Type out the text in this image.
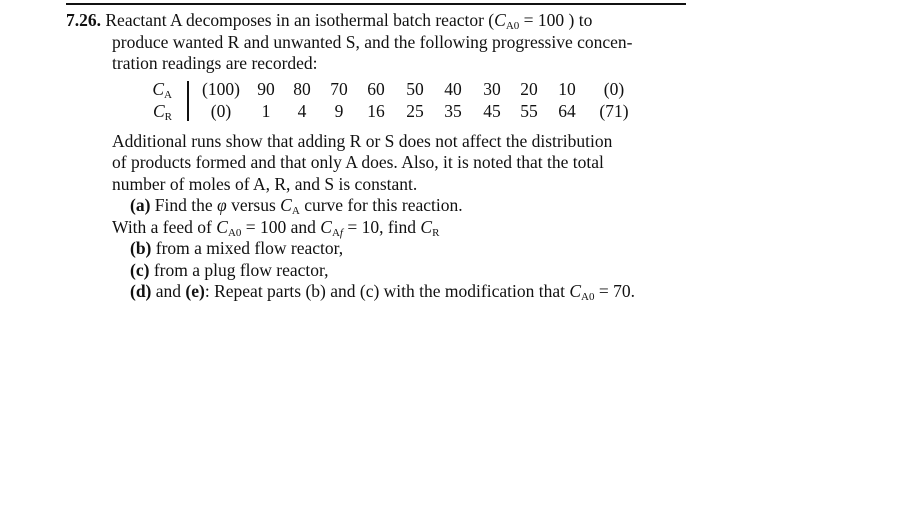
7.26. Reactant A decomposes in an isothermal batch reactor ($C_{A0} = 100$ ) to
produce wanted R and unwanted S, and the following progressive concen-
tration readings are recorded:
$C_A$ (100) 90	80	70	60	50	40	30	20	10	(0)
$C_R$	(0)	1	4	9	16	25	35	45	55	64	(71)
Additional runs show that adding R or S does not affect the distribution
of products formed and that only A does. Also, it is noted that the total
number of moles of A, R, and S is constant.
(a) Find the φ versus $C_A$ curve for this reaction.
With a feed of $C_{A0} = 100$ and $C_{Af} = 10$, find $C_R$
(b) from a mixed flow reactor,
(c) from a plug flow reactor,
(d) and (e): Repeat parts (b) and (c) with the modification that $C_{A0} = 70$.
